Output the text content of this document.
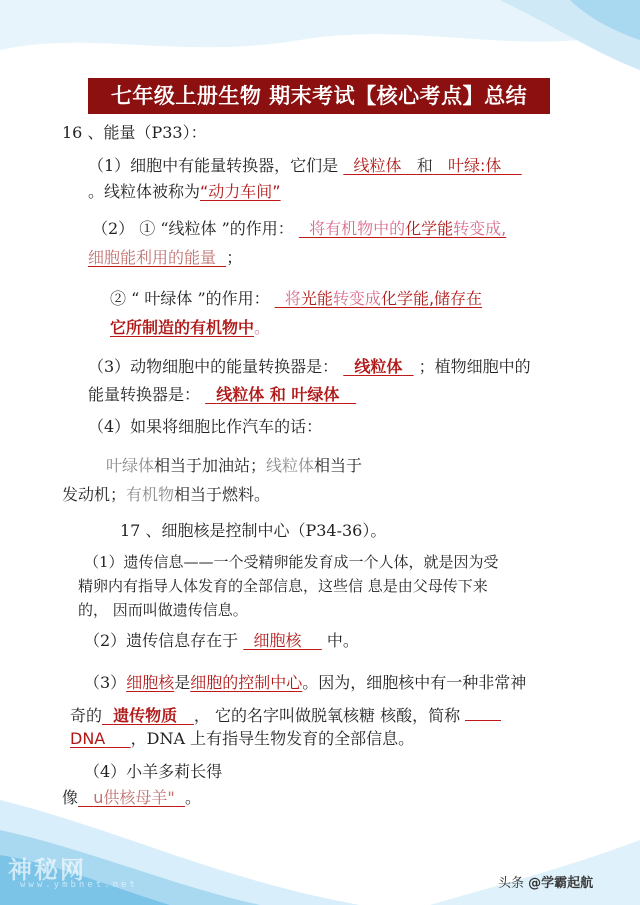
七年级上册生物 期末考试【核心考点】总结
16 、能量（P33）：
（1）细胞中有能量转换器，它们是 线粒体 和 叶绿:体
。线粒体被称为“动力车间”
（2） ① “线粒体 ”的作用： 将有机物中的化学能转变成,
细胞能利用的能量 ；
② “ 叶绿体 ”的作用： 将光能转变成化学能,储存在
它所制造的有机物中。
（3）动物细胞中的能量转换器是： 线粒体 ；植物细胞中的
能量转换器是： 线粒体 和 叶绿体
（4）如果将细胞比作汽车的话：
叶绿体相当于加油站；线粒体相当于
发动机；有机物相当于燃料。
17 、细胞核是控制中心（P34-36）。
（1）遗传信息——一个受精卵能发育成一个人体，就是因为受
精卵内有指导人体发育的全部信息，这些信 息是由父母传下来
的， 因而叫做遗传信息。
（2）遗传信息存在于 细胞核 中。
（3）细胞核是细胞的控制中心。因为，细胞核中有一种非常神
奇的 遗传物质 ， 它的名字叫做脱氧核糖 核酸，简称
DNA ，DNA 上有指导生物发育的全部信息。
（4）小羊多莉长得
像 u供核母羊" 。
神秘网
www.ymbnet.net	头条 @学霸起航
